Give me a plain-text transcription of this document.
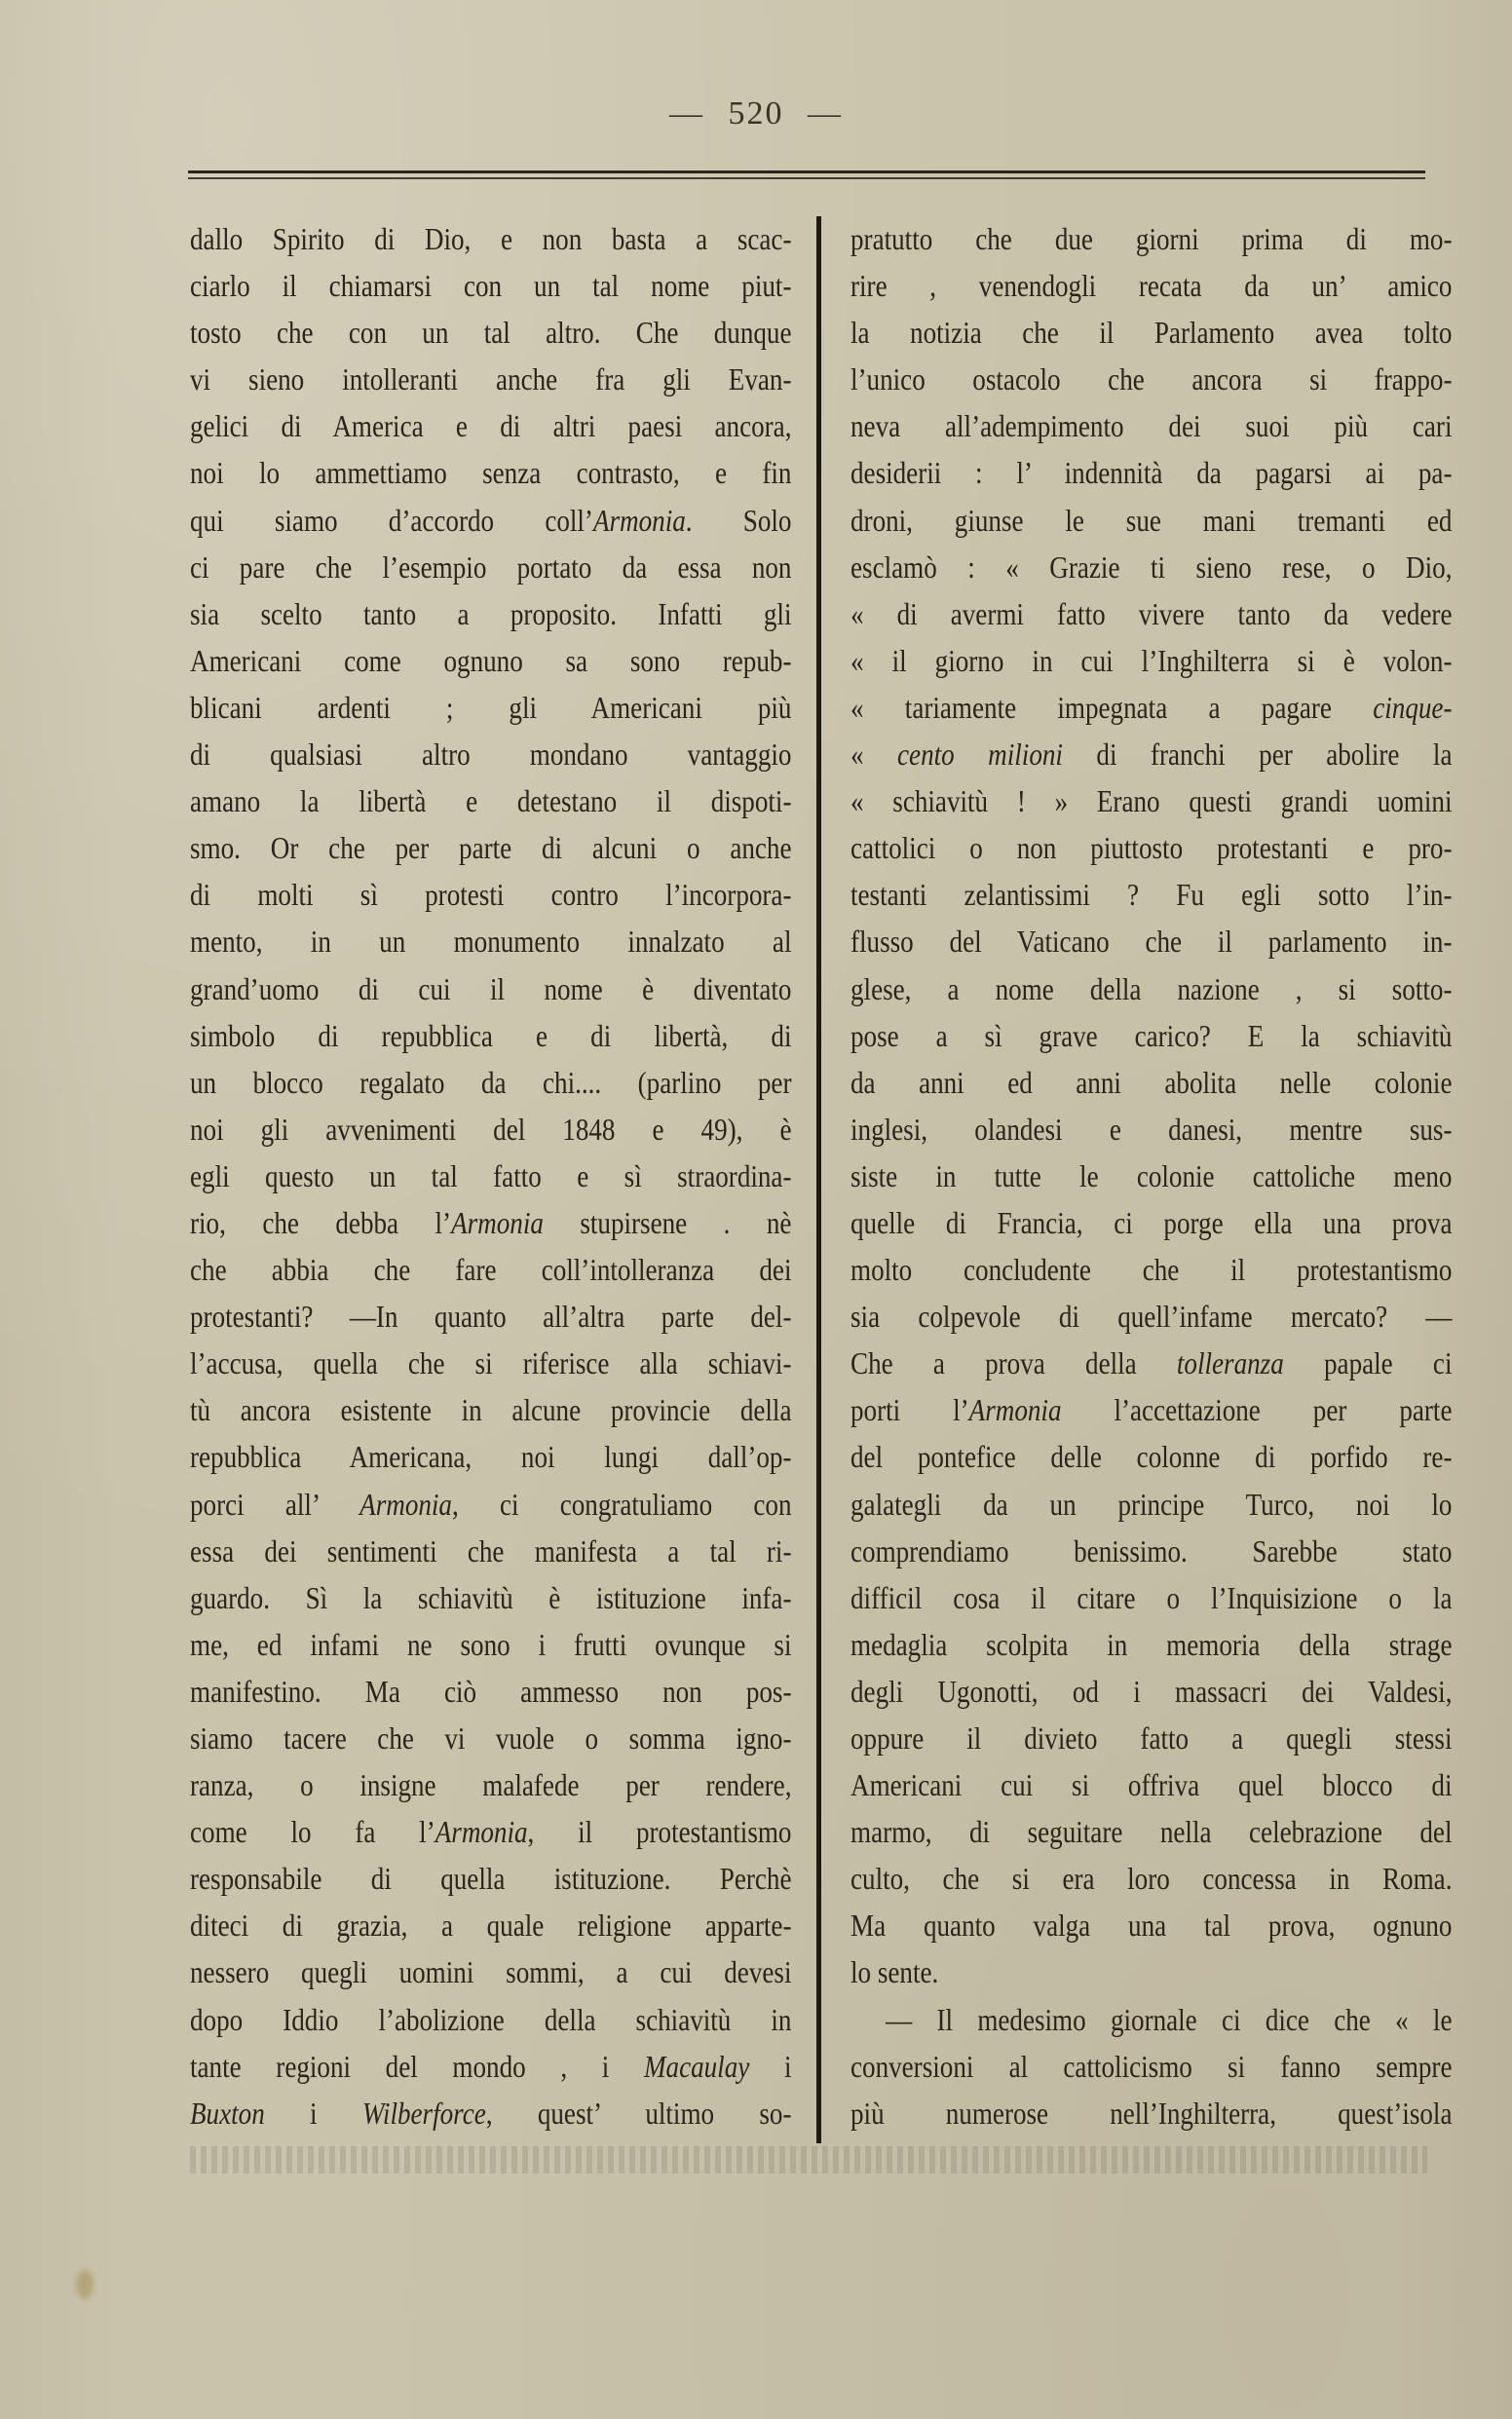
— 520 —
dallo Spirito di Dio, e non basta a scac-
ciarlo il chiamarsi con un tal nome piut-
tosto che con un tal altro. Che dunque
vi sieno intolleranti anche fra gli Evan-
gelici di America e di altri paesi ancora,
noi lo ammettiamo senza contrasto, e fin
qui siamo d’accordo coll’Armonia. Solo
ci pare che l’esempio portato da essa non
sia scelto tanto a proposito. Infatti gli
Americani come ognuno sa sono repub-
blicani ardenti ; gli Americani più
di qualsiasi altro mondano vantaggio
amano la libertà e detestano il dispoti-
smo. Or che per parte di alcuni o anche
di molti sì protesti contro l’incorpora-
mento, in un monumento innalzato al
grand’uomo di cui il nome è diventato
simbolo di repubblica e di libertà, di
un blocco regalato da chi.... (parlino per
noi gli avvenimenti del 1848 e 49), è
egli questo un tal fatto e sì straordina-
rio, che debba l’Armonia stupirsene . nè
che abbia che fare coll’intolleranza dei
protestanti? —In quanto all’altra parte del-
l’accusa, quella che si riferisce alla schiavi-
tù ancora esistente in alcune provincie della
repubblica Americana, noi lungi dall’op-
porci all’ Armonia, ci congratuliamo con
essa dei sentimenti che manifesta a tal ri-
guardo. Sì la schiavitù è istituzione infa-
me, ed infami ne sono i frutti ovunque si
manifestino. Ma ciò ammesso non pos-
siamo tacere che vi vuole o somma igno-
ranza, o insigne malafede per rendere,
come lo fa l’Armonia, il protestantismo
responsabile di quella istituzione. Perchè
diteci di grazia, a quale religione apparte-
nessero quegli uomini sommi, a cui devesi
dopo Iddio l’abolizione della schiavitù in
tante regioni del mondo , i Macaulay i
Buxton i Wilberforce, quest’ ultimo so-
pratutto che due giorni prima di mo-
rire , venendogli recata da un’ amico
la notizia che il Parlamento avea tolto
l’unico ostacolo che ancora si frappo-
neva all’adempimento dei suoi più cari
desiderii : l’ indennità da pagarsi ai pa-
droni, giunse le sue mani tremanti ed
esclamò : « Grazie ti sieno rese, o Dio,
« di avermi fatto vivere tanto da vedere
« il giorno in cui l’Inghilterra si è volon-
« tariamente impegnata a pagare cinque-
« cento milioni di franchi per abolire la
« schiavitù ! » Erano questi grandi uomini
cattolici o non piuttosto protestanti e pro-
testanti zelantissimi ? Fu egli sotto l’in-
flusso del Vaticano che il parlamento in-
glese, a nome della nazione , si sotto-
pose a sì grave carico? E la schiavitù
da anni ed anni abolita nelle colonie
inglesi, olandesi e danesi, mentre sus-
siste in tutte le colonie cattoliche meno
quelle di Francia, ci porge ella una prova
molto concludente che il protestantismo
sia colpevole di quell’infame mercato? —
Che a prova della tolleranza papale ci
porti l’Armonia l’accettazione per parte
del pontefice delle colonne di porfido re-
galategli da un principe Turco, noi lo
comprendiamo benissimo. Sarebbe stato
difficil cosa il citare o l’Inquisizione o la
medaglia scolpita in memoria della strage
degli Ugonotti, od i massacri dei Valdesi,
oppure il divieto fatto a quegli stessi
Americani cui si offriva quel blocco di
marmo, di seguitare nella celebrazione del
culto, che si era loro concessa in Roma.
Ma quanto valga una tal prova, ognuno
lo sente.
— Il medesimo giornale ci dice che « le
conversioni al cattolicismo si fanno sempre
più numerose nell’Inghilterra, quest’isola
